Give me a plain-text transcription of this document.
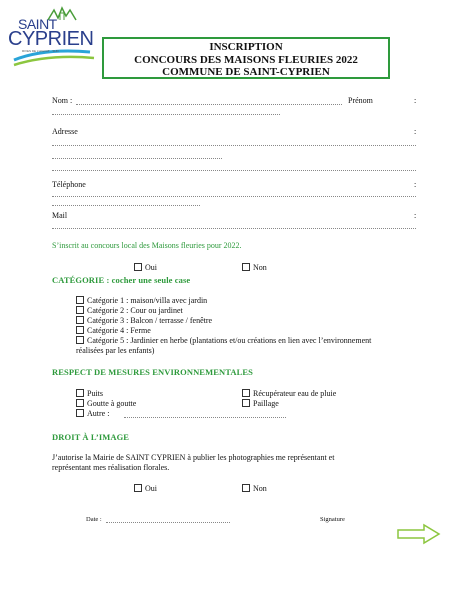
SAINT
CYPRIEN
RIVES DE L'AGOUT · SUD	INSCRIPTION
CONCOURS DES MAISONS FLEURIES 2022
COMMUNE DE SAINT-CYPRIEN
Nom :	Prénom	:
Adresse	:
Téléphone	:
Mail	:
S’inscrit au concours local des Maisons fleuries pour 2022.
Oui	Non
CATÉGORIE : cocher une seule case
Catégorie 1 : maison/villa avec jardin
Catégorie 2 : Cour ou jardinet
Catégorie 3 : Balcon / terrasse / fenêtre
Catégorie 4 : Ferme
Catégorie 5 : Jardinier en herbe (plantations et/ou créations en lien avec l’environnement
réalisées par les enfants)
RESPECT DE MESURES ENVIRONNEMENTALES
Puits	Récupérateur eau de pluie
Goutte à goutte	Paillage
Autre :
DROIT À L’IMAGE
J’autorise la Mairie de SAINT CYPRIEN à publier les photographies me représentant et
représentant mes réalisation florales.
Oui	Non
Date :	Signature
